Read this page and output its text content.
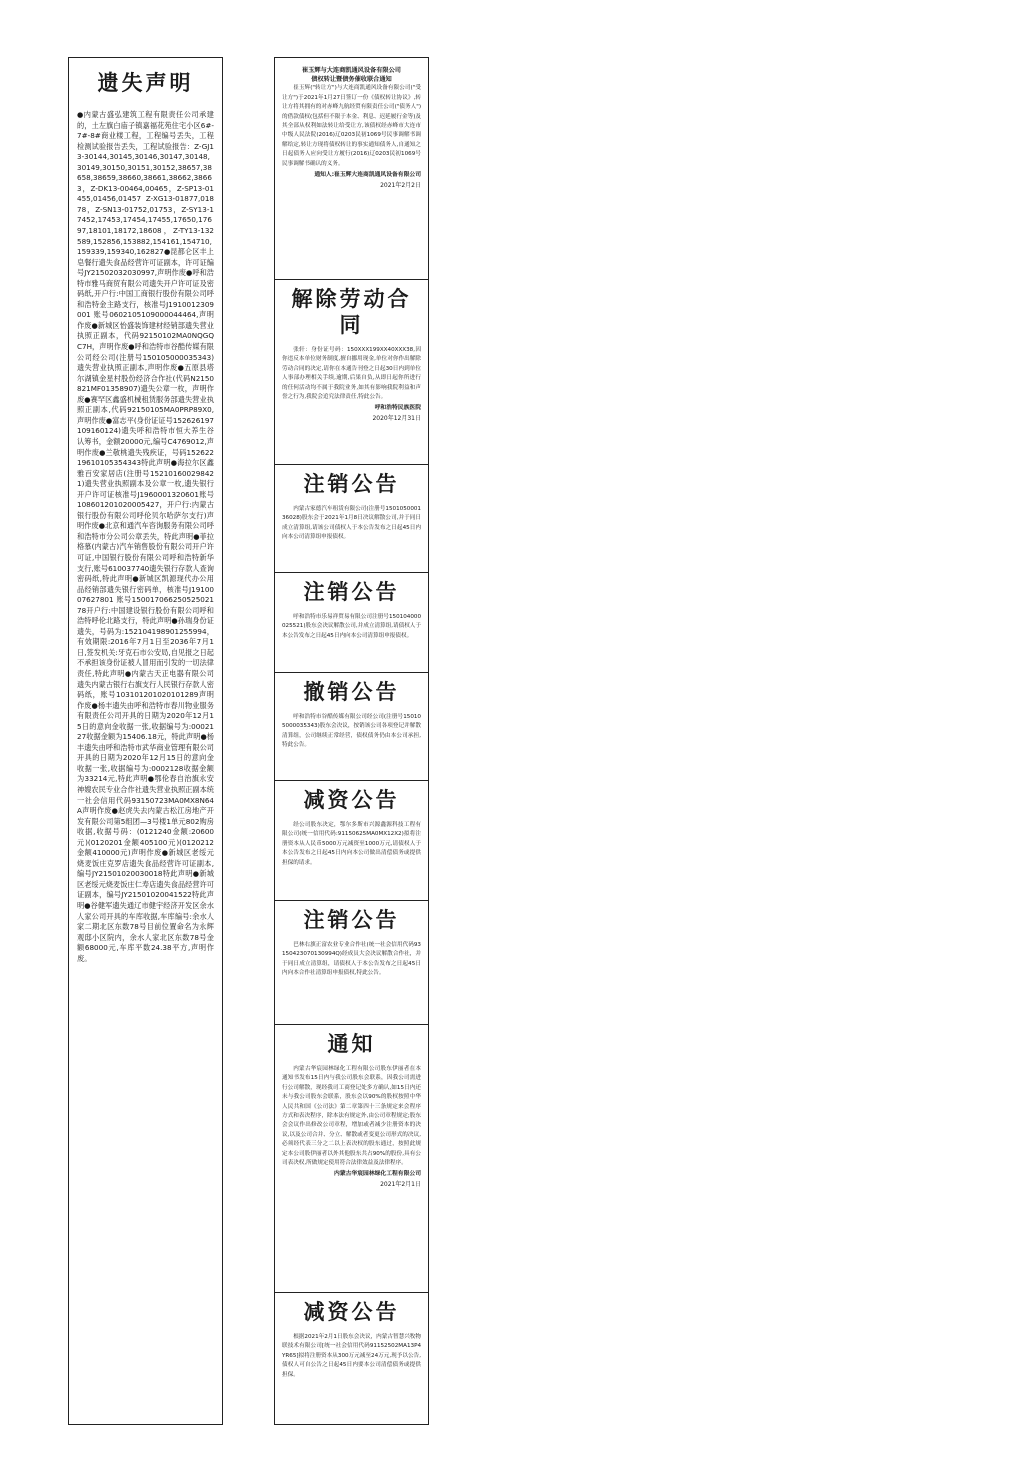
遗失声明

●内蒙古盛弘建筑工程有限责任公司承建的，土左旗白庙子镇嘉福花苑住宅小区6#-7#-8#商业楼工程，工程编号丢失，工程检测试验报告丢失，工程试验报告：Z-GJ13-30144,30145,30146,30147,30148,30149,30150,30151,30152,38657,38658,38659,38660,38661,38662,38663，Z-DK13-00464,00465，Z-SP13-01455,01456,01457 Z-XG13-01877,01878，Z-SN13-01752,01753，Z-SY13-17452,17453,17454,17455,17650,17697,18101,18172,18608，Z-TY13-132589,152856,153882,154161,154710,159339,159340,162827●昆都仑区丰上皂餐行遗失食品经营许可证副本，许可证编号JY21502032030997,声明作废●呼和浩特市雅马商贸有限公司遗失开户许可证及密码纸,开户行:中国工商银行股份有限公司呼和浩特金主路支行，核准号J1910012309001 账号0602105109000044464,声明作废●新城区怡盛装饰建材经销部遗失营业执照正副本，代码92150102MA0NQGQC7H，声明作废●呼和浩特市谷酷传媒有限公司经公司(注册号150105000035343)遗失营业执照正副本,声明作废●五原县塔尔湖镇金星村股份经济合作社(代码N2150821MF01358907)遗失公章一枚，声明作废●赛罕区鑫盛机械租赁服务部遗失营业执照正副本,代码92150105MA0PRP89X0,声明作废●富志平(身份证证号152626197109160124)遗失呼和浩特市恒大养生谷认筹书，金额20000元,编号C4769012,声明作废●兰敬桃遗失残疾证，号码15262219610105354343特此声明●海拉尔区鑫雅百安家居店(注册号152101600298421)遗失营业执照副本及公章一枚,遗失银行开户许可证核准号J1960001320601账号108601201020005427，开户行:内蒙古银行股份有限公司呼伦贝尔哈萨尔支行)声明作废●北京和通汽车咨询服务有限公司呼和浩特市分公司公章丢失，特此声明●菲拉格慕(内蒙古)汽车销售股份有限公司开户许可证,中国银行股份有限公司呼和浩特新华支行,账号610037740遗失银行存款人查询密码纸,特此声明●新城区凯源现代办公用品经销部遗失银行密码单，核准号J1910007627801 账号15001706625052502178开户行:中国建设银行股份有限公司呼和浩特呼伦北路支行，特此声明●孙瑞身份证遗失，号码为:152104198901255994，有效期限:2016年7月1日至2036年7月1日,签发机关:牙克石市公安局,自见报之日起不承担该身份证被人冒用而引发的一切法律责任,特此声明●内蒙古天正电器有限公司遗失内蒙古银行右旗支行人民银行存款人密码纸，账号103101201020101289声明作废●杨丰遗失由呼和浩特市春川物业服务有限责任公司开具的日期为2020年12月15日的意向金收据一张,收据编号为:0002127收据金额为15406.18元，特此声明●杨丰遗失由呼和浩特市武华商业管理有限公司开具的日期为2020年12月15日的意向金收据一张,收据编号为:0002128收据金额为33214元,特此声明●鄂伦春自治旗永安神嫂农民专业合作社遗失营业执照正副本统一社会信用代码93150723MA0MX8N64A声明作废●赵虎失去内蒙古松江房地产开发有限公司第5组团—3号楼1单元802购房收据,收据号码：(0121240金额:20600元)(0120201金额405100元)(0120212金额410000元)声明作废●新城区老绥元烧麦饭庄克罗店遗失食品经营许可证副本,编号JY21501020030018特此声明●新城区老绥元烧麦饭庄仁寿店遗失食品经营许可证副本，编号JY21501020041522特此声明●谷健军遗失通辽市健宇经济开发区余水人家公司开具的车库收据,车库编号:余水人家二期北区东数78号目前位置命名为永辉观邸小区院内，余水人家北区东数78号金额68000元,车库平数24.38平方,声明作废。

崔玉辉与大连商凯通风设备有限公司

债权转让暨债务催收联合通知

崔玉辉("转让方")与大连商凯通风设备有限公司("受让方")于2021年1月27日签订一份《债权转让协议》,转让方将其拥有的对赤峰九航经贸有限责任公司("债务人")的借款债权(包括但不限于本金、利息、迟延履行金等)及其全部从权利如法转让给受让方,该债权经赤峰市大连市中级人民法院(2016)辽0203民初1069号民事调解书调解给定,转让方现将债权转让的事实通知债务人,自通知之日起债务人应向受让方履行(2016)辽0203民初1069号民事调解书确认的义务。

通知人:崔玉辉大连商凯通风设备有限公司

2021年2月2日

解除劳动合同

张轩：身份证号码：150XXX199XX40XXX38,因你违反本单位财务制度,擅自挪用现金,单位对你作出解除劳动合同的决定,请你在本通告刊登之日起30日内到单位人事部办理相关手续,逾期,后果自负,从即日起你所进行的任何活动均不属于我院业务,如其有影响我院利益和声誉之行为,我院会追究法律责任,特此公告。

呼和浩特民族医院

2020年12月31日

注销公告

内蒙古家德汽车租赁有限公司(注册号150105000136028)股东会于2021年1月8日决议解散公司,并于同日成立清算组,请该公司债权人于本公告发布之日起45日内向本公司清算组申报债权。

注销公告

呼和浩特市乐易祥贸易有限公司注册号150104000025521)股东会决议解散公司,并成立清算组,请债权人于本公告发布之日起45日内向本公司清算组申报债权。

撤销公告

呼和浩特市谷酷传媒有限公司经公司(注册号150105000035343)股东会决议，按销该公司各项登记并解散清算组，公司继续正常经营，债权债务仍由本公司承担,特此公告。

减资公告

经公司股东决定，鄂尔多斯市兴源鑫源科技工程有限公司(统一信用代码:91150625MA0MX12X2)拟将注册资本从人民币5000万元减资至1000万元,请债权人于本公告发布之日起45日内向本公司做出清偿债务或提供担保的请求。

注销公告

巴林右旗正富农业专业合作社(统一社会信用代码93150423070130994Q)经成员大会决议解散合作社，并于同日成立清算组，请债权人于本公告发布之日起45日内向本合作社清算组申报债权,特此公告。

通知

内蒙古华宸园林绿化工程有限公司股东伊丽者在本通知书发布15日内与我公司股东会联系，因我公司需进行公司解散，现经我司工商登记处多方确认,如15日内还未与我公司股东会联系，股东会以90%的股权按照中华人民共和国《公司法》第二章第四十三条规定来会程序方式和表决程序，除本法有规定外,由公司章程规定;股东会会议作出修改公司章程，增加或者减少注册资本的决议,以及公司合并、分立、解散或者变更公司形式的决议,必须经代表三分之二以上表决权的股东通过，按照此规定本公司股伊丽者以外其他股东共占90%的股份,具有公司表决权,所做规定使用符合法律效益及法律程序。

内蒙古华宸园林绿化工程有限公司

2021年2月1日

减资公告

根据2021年2月1日股东会决议，内蒙古智慧兴牧物联技术有限公司[统一社会信用代码91152502MA13P4YR65]拟将注册资本从300万元减至24万元,现予以公告,债权人可自公告之日起45日内要本公司清偿债务或提供担保。
